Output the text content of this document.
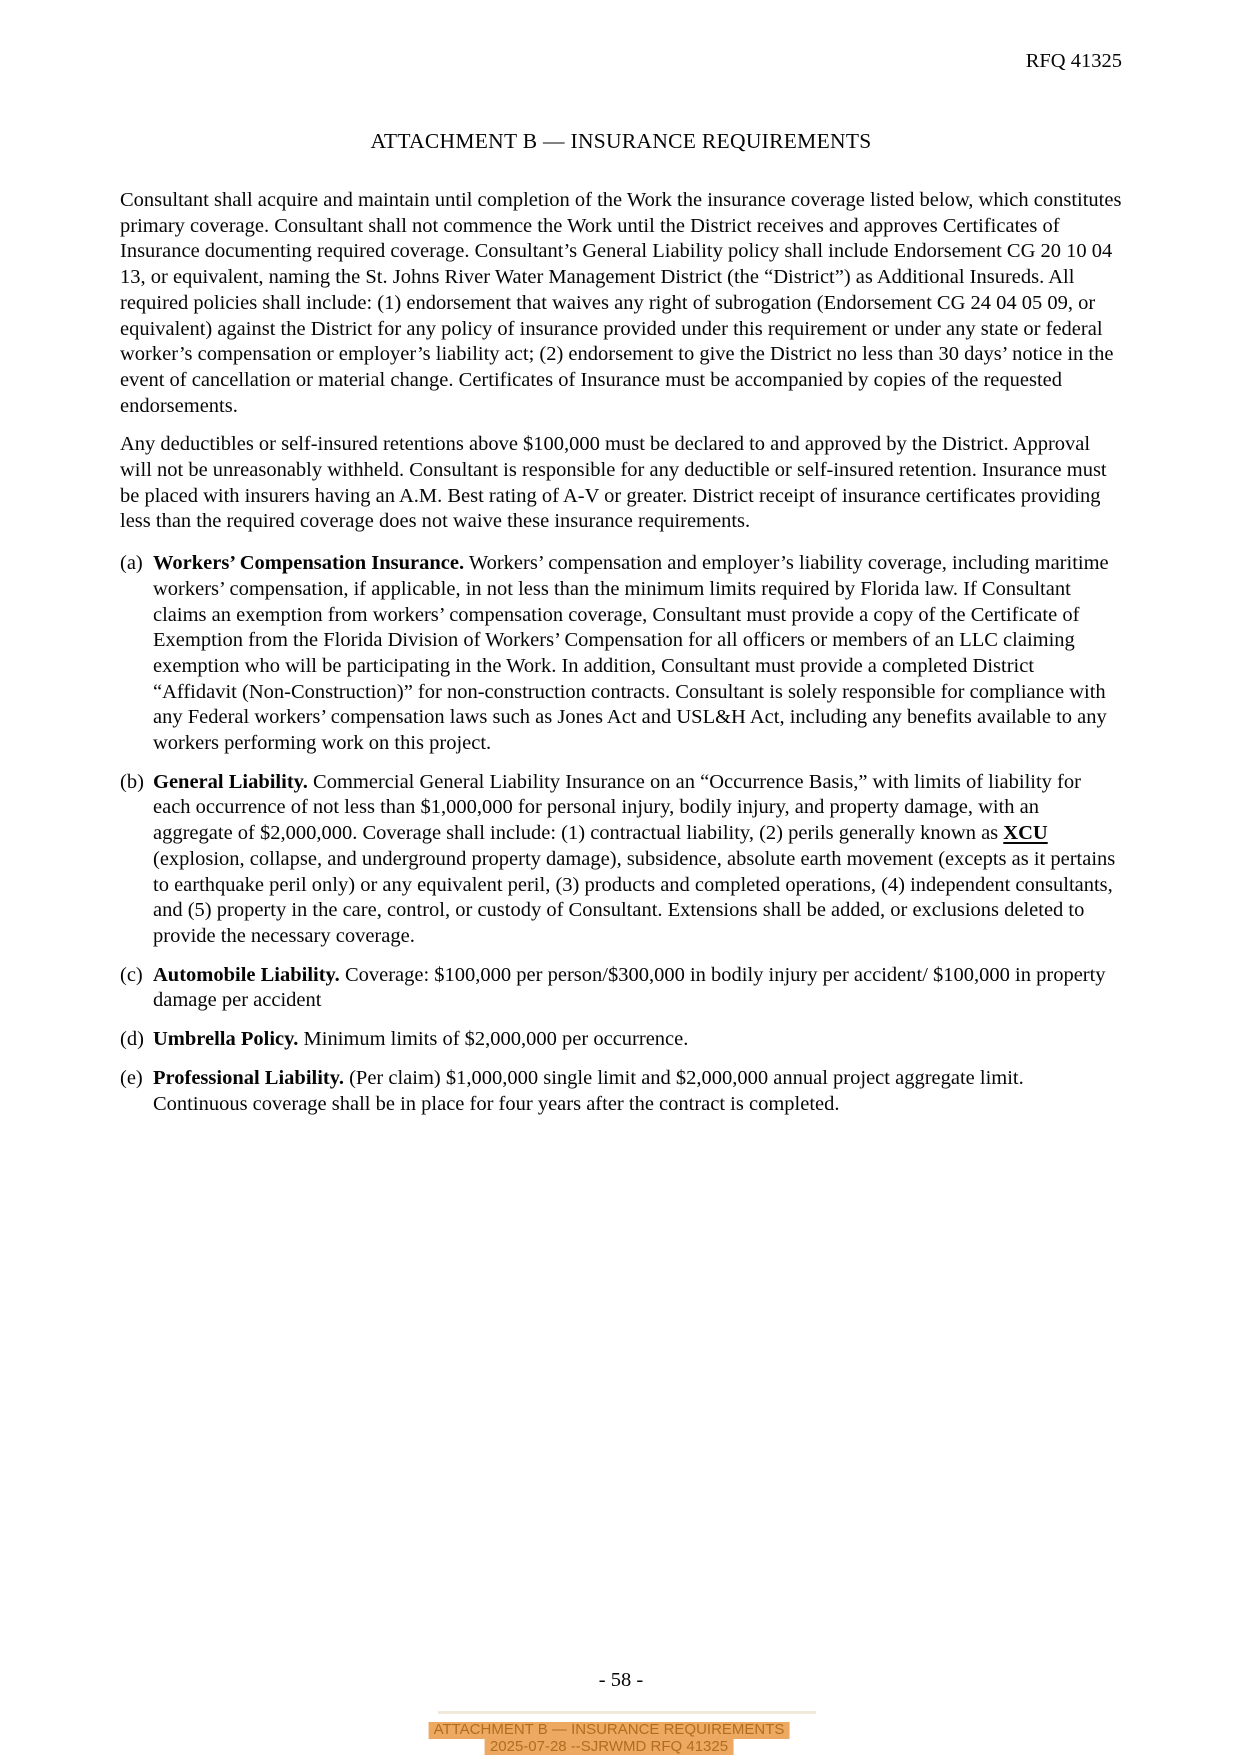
RFQ 41325
ATTACHMENT B — INSURANCE REQUIREMENTS

Consultant shall acquire and maintain until completion of the Work the insurance coverage listed below, which constitutes primary coverage. Consultant shall not commence the Work until the District receives and approves Certificates of Insurance documenting required coverage. Consultant’s General Liability policy shall include Endorsement CG 20 10 04 13, or equivalent, naming the St. Johns River Water Management District (the “District”) as Additional Insureds. All required policies shall include: (1) endorsement that waives any right of subrogation (Endorsement CG 24 04 05 09, or equivalent) against the District for any policy of insurance provided under this requirement or under any state or federal worker’s compensation or employer’s liability act; (2) endorsement to give the District no less than 30 days’ notice in the event of cancellation or material change. Certificates of Insurance must be accompanied by copies of the requested endorsements.

Any deductibles or self-insured retentions above $100,000 must be declared to and approved by the District. Approval will not be unreasonably withheld. Consultant is responsible for any deductible or self-insured retention. Insurance must be placed with insurers having an A.M. Best rating of A-V or greater. District receipt of insurance certificates providing less than the required coverage does not waive these insurance requirements.

(a) Workers’ Compensation Insurance. Workers’ compensation and employer’s liability coverage, including maritime workers’ compensation, if applicable, in not less than the minimum limits required by Florida law. If Consultant claims an exemption from workers’ compensation coverage, Consultant must provide a copy of the Certificate of Exemption from the Florida Division of Workers’ Compensation for all officers or members of an LLC claiming exemption who will be participating in the Work. In addition, Consultant must provide a completed District “Affidavit (Non-Construction)” for non-construction contracts. Consultant is solely responsible for compliance with any Federal workers’ compensation laws such as Jones Act and USL&H Act, including any benefits available to any workers performing work on this project.
(b) General Liability. Commercial General Liability Insurance on an “Occurrence Basis,” with limits of liability for each occurrence of not less than $1,000,000 for personal injury, bodily injury, and property damage, with an aggregate of $2,000,000. Coverage shall include: (1) contractual liability, (2) perils generally known as XCU (explosion, collapse, and underground property damage), subsidence, absolute earth movement (excepts as it pertains to earthquake peril only) or any equivalent peril, (3) products and completed operations, (4) independent consultants, and (5) property in the care, control, or custody of Consultant. Extensions shall be added, or exclusions deleted to provide the necessary coverage.
(c) Automobile Liability. Coverage: $100,000 per person/$300,000 in bodily injury per accident/ $100,000 in property damage per accident
(d) Umbrella Policy. Minimum limits of $2,000,000 per occurrence.
(e) Professional Liability. (Per claim) $1,000,000 single limit and $2,000,000 annual project aggregate limit. Continuous coverage shall be in place for four years after the contract is completed.
- 58 -
ATTACHMENT B — INSURANCE REQUIREMENTS
2025-07-28 --SJRWMD RFQ 41325
